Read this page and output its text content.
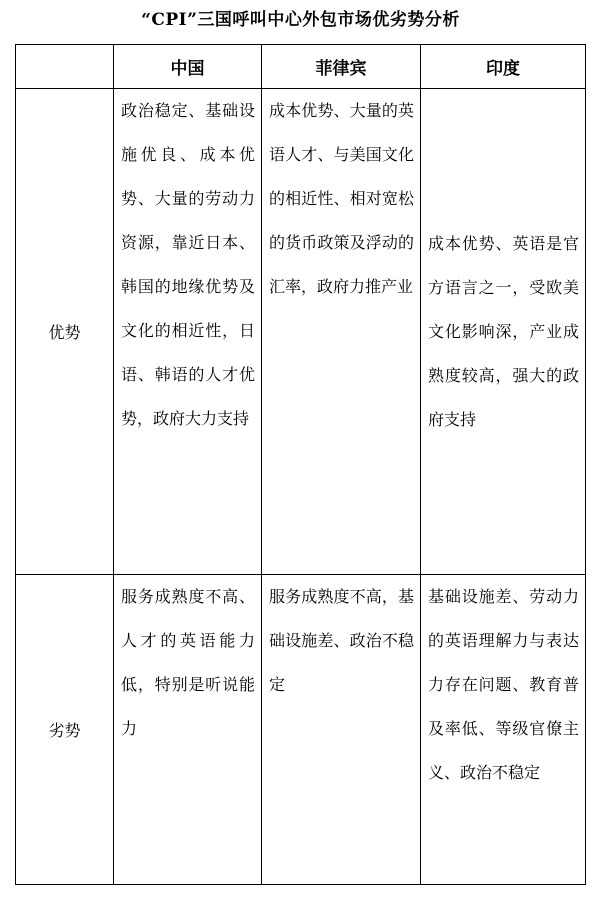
“CPI”三国呼叫中心外包市场优劣势分析
	中国	菲律宾	印度
优势	政治稳定、基础设施优良、成本优势、大量的劳动力资源，靠近日本、韩国的地缘优势及文化的相近性，日语、韩语的人才优势，政府大力支持	成本优势、大量的英语人才、与美国文化的相近性、相对宽松的货币政策及浮动的汇率，政府力推产业	成本优势、英语是官方语言之一，受欧美文化影响深，产业成熟度较高，强大的政府支持
劣势	服务成熟度不高、人才的英语能力低，特别是听说能力	服务成熟度不高，基础设施差、政治不稳定	基础设施差、劳动力的英语理解力与表达力存在问题、教育普及率低、等级官僚主义、政治不稳定
